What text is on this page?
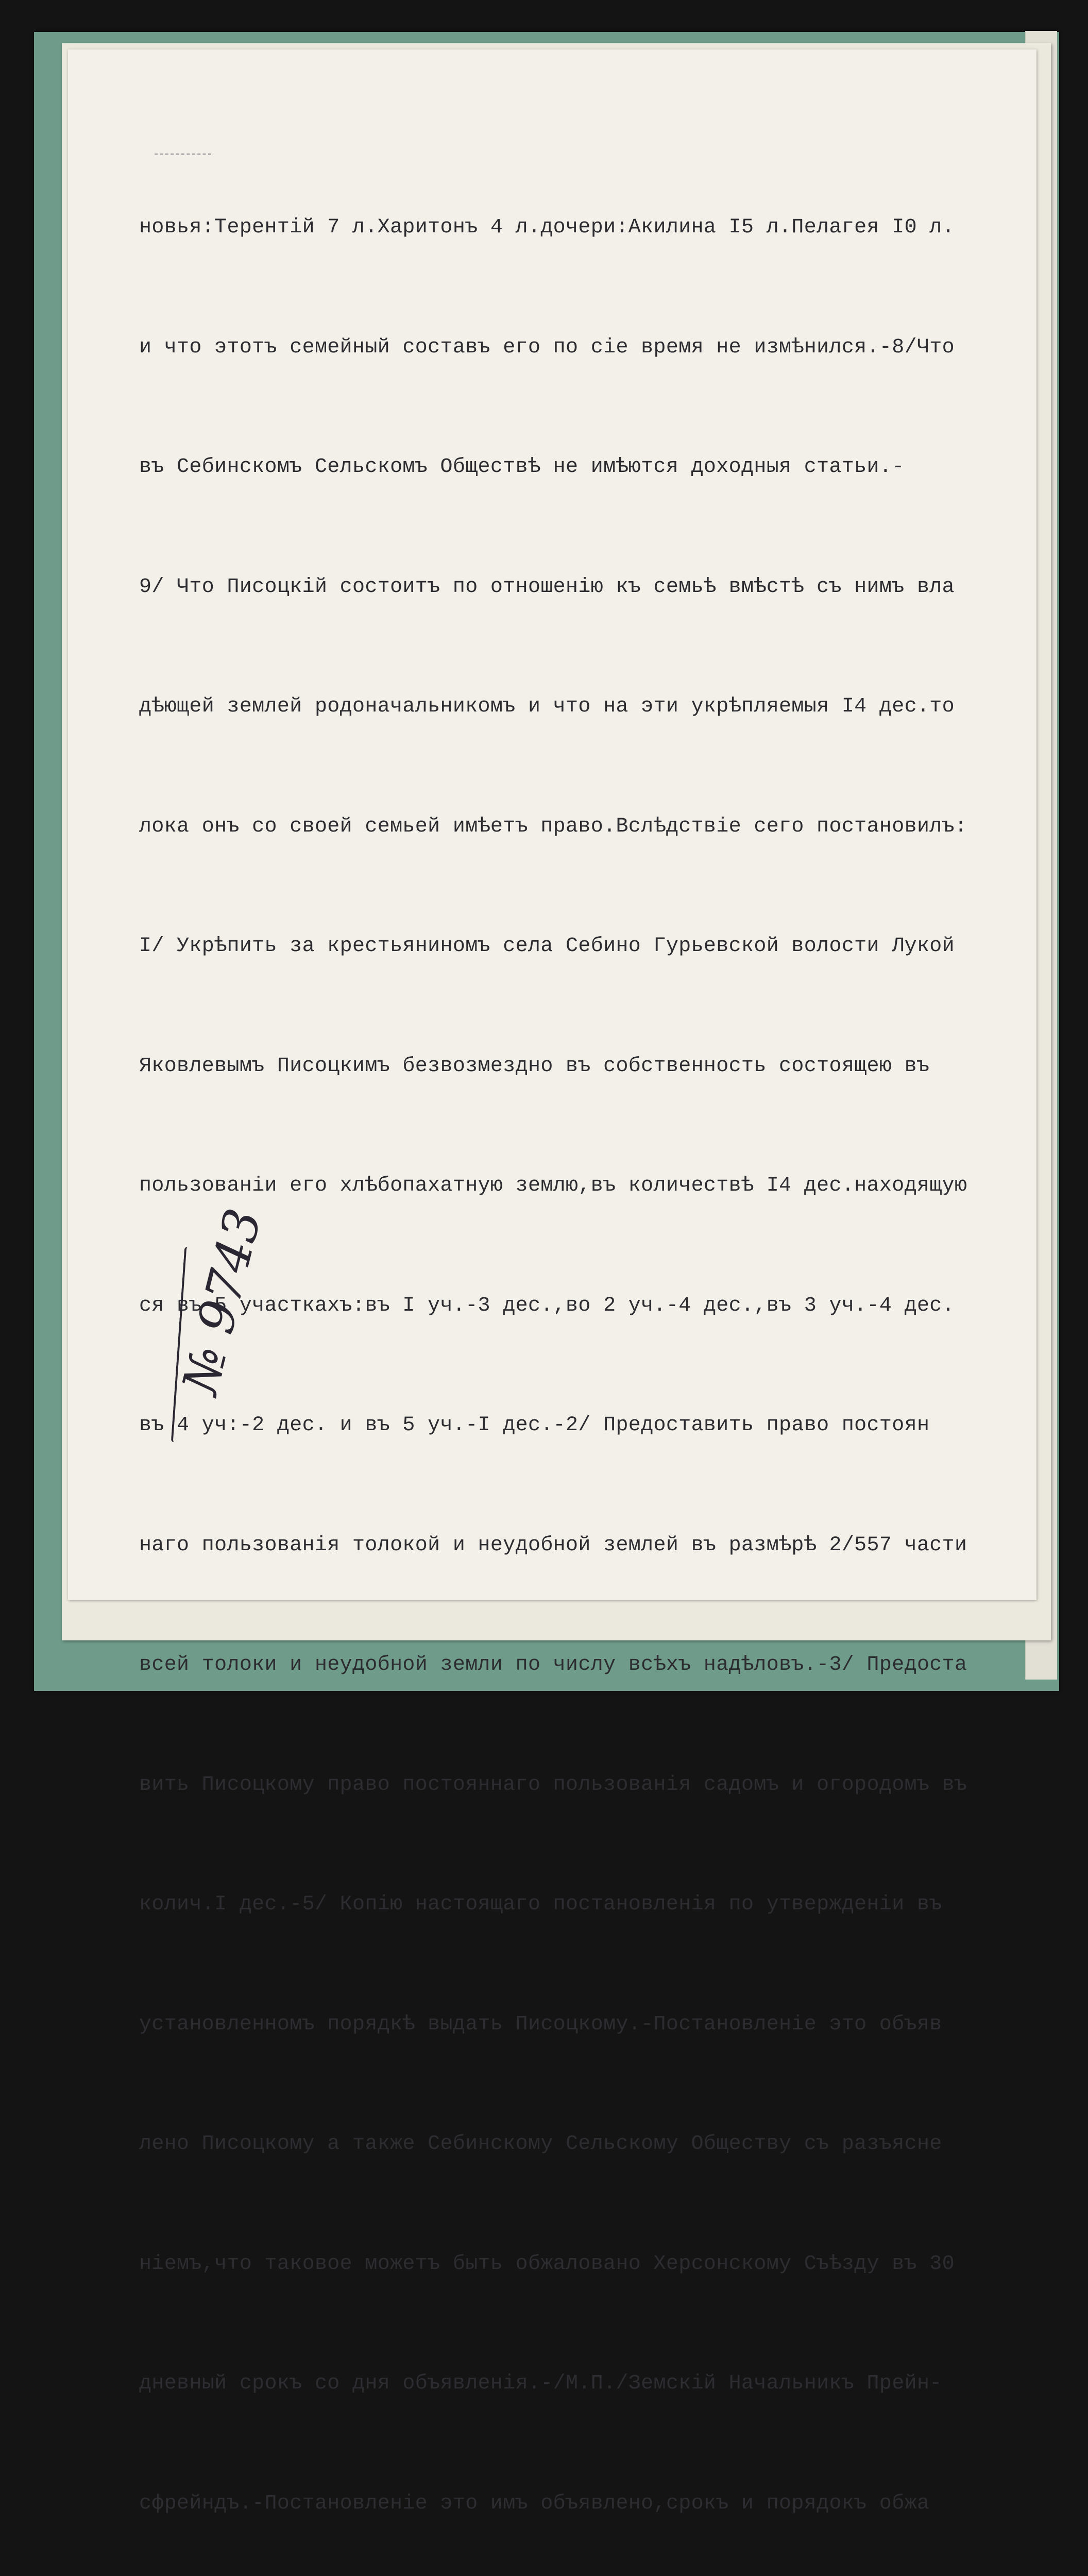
новья:Терентій 7 л.Харитонъ 4 л.дочери:Акилина I5 л.Пелагея I0 л.

и что этотъ семейный составъ его по сіе время не измѣнился.-8/Что

въ Себинскомъ Сельскомъ Обществѣ не имѣются доходныя статьи.-

9/ Что Писоцкій состоитъ по отношенію къ семьѣ вмѣстѣ съ нимъ вла

дѣющей землей родоначальникомъ и что на эти укрѣпляемыя I4 дес.то

лока онъ со своей семьей имѣетъ право.Вслѣдствіе сего постановилъ:

I/ Укрѣпить за крестьяниномъ села Себино Гурьевской волости Лукой

Яковлевымъ Писоцкимъ безвозмездно въ собственность состоящею въ

пользованіи его хлѣбопахатную землю,въ количествѣ I4 дес.находящую

ся въ 5 участкахъ:въ I уч.-3 дес.,во 2 уч.-4 дес.,въ 3 уч.-4 дес.

въ 4 уч:-2 дес. и въ 5 уч.-I дес.-2/ Предоставить право постоян

наго пользованія толокой и неудобной землей въ размѣрѣ 2/557 части

всей толоки и неудобной земли по числу всѣхъ надѣловъ.-3/ Предоста

вить Писоцкому право постояннаго пользованія садомъ и огородомъ въ

колич.I дес.-5/ Копію настоящаго постановленія по утвержденіи въ

установленномъ порядкѣ выдать Писоцкому.-Постановленіе это объяв

лено Писоцкому а также Себинскому Сельскому Обществу съ разъясне

ніемъ,что таковое можетъ быть обжаловано Херсонскому Съѣзду въ 30

дневный срокъ со дня объявленія.-/М.П./Земскій Начальникъ Прейн-

сфрейндъ.-Постановленіе это имъ объявлено,срокъ и порядокъ обжа

№ 9743
